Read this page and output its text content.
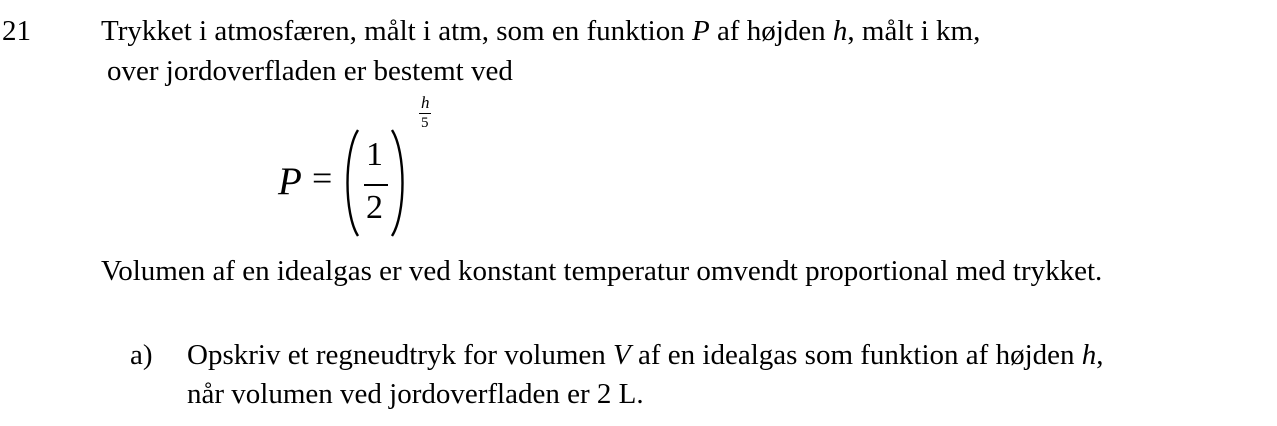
21 Trykket i atmosfæren, målt i atm, som en funktion P af højden h, målt i km,
over jordoverfladen er bestemt ved
P =
1
2
h
5
Volumen af en idealgas er ved konstant temperatur omvendt proportional med trykket.
a) Opskriv et regneudtryk for volumen V af en idealgas som funktion af højden h,
når volumen ved jordoverfladen er 2 L.
